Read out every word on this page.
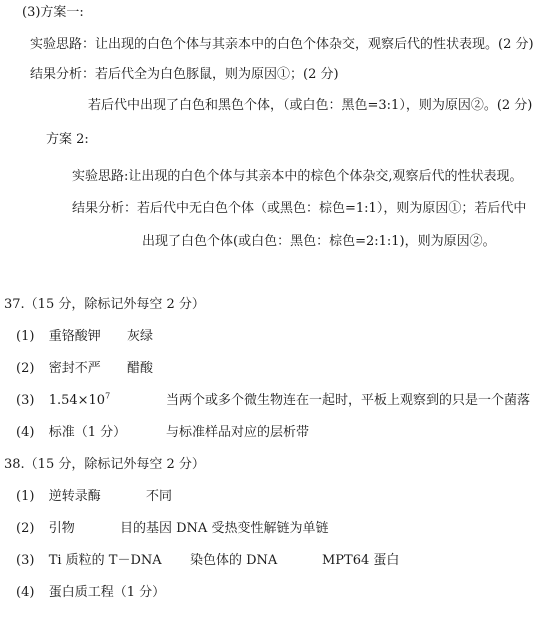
(3)方案一:
实验思路：让出现的白色个体与其亲本中的白色个体杂交，观察后代的性状表现。(2 分)
结果分析：若后代全为白色豚鼠，则为原因①；(2 分)
若后代中出现了白色和黑色个体，（或白色：黑色=3:1），则为原因②。(2 分)
方案 2:
实验思路:让出现的白色个体与其亲本中的棕色个体杂交,观察后代的性状表现。
结果分析：若后代中无白色个体（或黑色：棕色=1:1），则为原因①；若后代中
出现了白色个体(或白色：黑色：棕色=2:1:1)，则为原因②。
37.（15 分，除标记外每空 2 分）
(1) 重铬酸钾 灰绿
(2) 密封不严 醋酸
(3) $1.54\times 10^7$	当两个或多个微生物连在一起时，平板上观察到的只是一个菌落
(4) 标准（1 分）	与标准样品对应的层析带
38.（15 分，除标记外每空 2 分）
(1) 逆转录酶	不同
(2) 引物	目的基因 DNA 受热变性解链为单链
(3) Ti 质粒的 T－DNA 染色体的 DNA	MPT64 蛋白
(4) 蛋白质工程（1 分）
